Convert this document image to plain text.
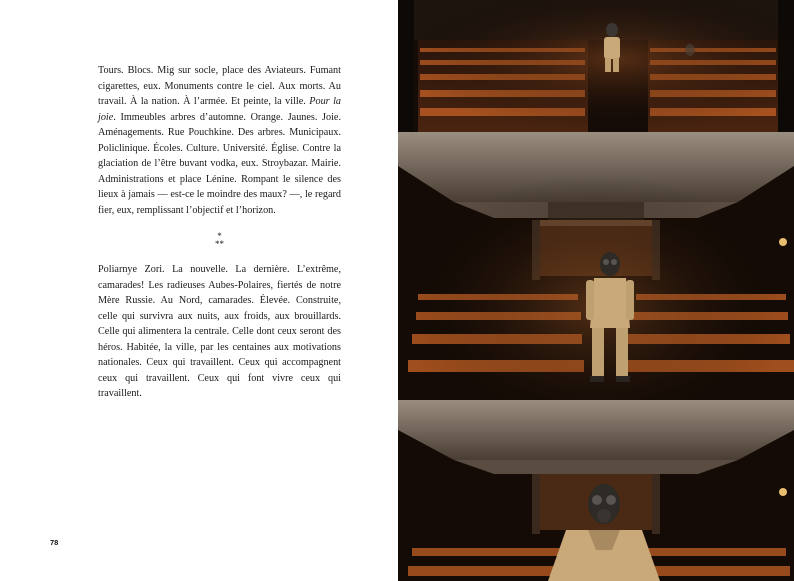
Tours. Blocs. Mig sur socle, place des Aviateurs. Fumant cigarettes, eux. Monuments contre le ciel. Aux morts. Au travail. À la nation. À l’armée. Et peinte, la ville. Pour la joie. Immeubles arbres d’automne. Orange. Jaunes. Joie. Aménagements. Rue Pouchkine. Des arbres. Municipaux. Policlinique. Écoles. Culture. Université. Église. Contre la glaciation de l’être buvant vodka, eux. Stroybazar. Mairie. Administrations et place Lénine. Rompant le silence des lieux à jamais — est-ce le moindre des maux? —, le regard fier, eux, remplissant l’objectif et l’horizon.

*
**

Poliarnye Zori. La nouvelle. La dernière. L’extrême, camarades! Les radieuses Aubes-Polaires, fiertés de notre Mère Russie. Au Nord, camarades. Élevée. Construite, celle qui survivra aux nuits, aux froids, aux brouillards. Celle qui alimentera la centrale. Celle dont ceux seront des héros. Habitée, la ville, par les centaines aux motivations nationales. Ceux qui travaillent. Ceux qui accompagnent ceux qui travaillent. Ceux qui font vivre ceux qui travaillent.

78
